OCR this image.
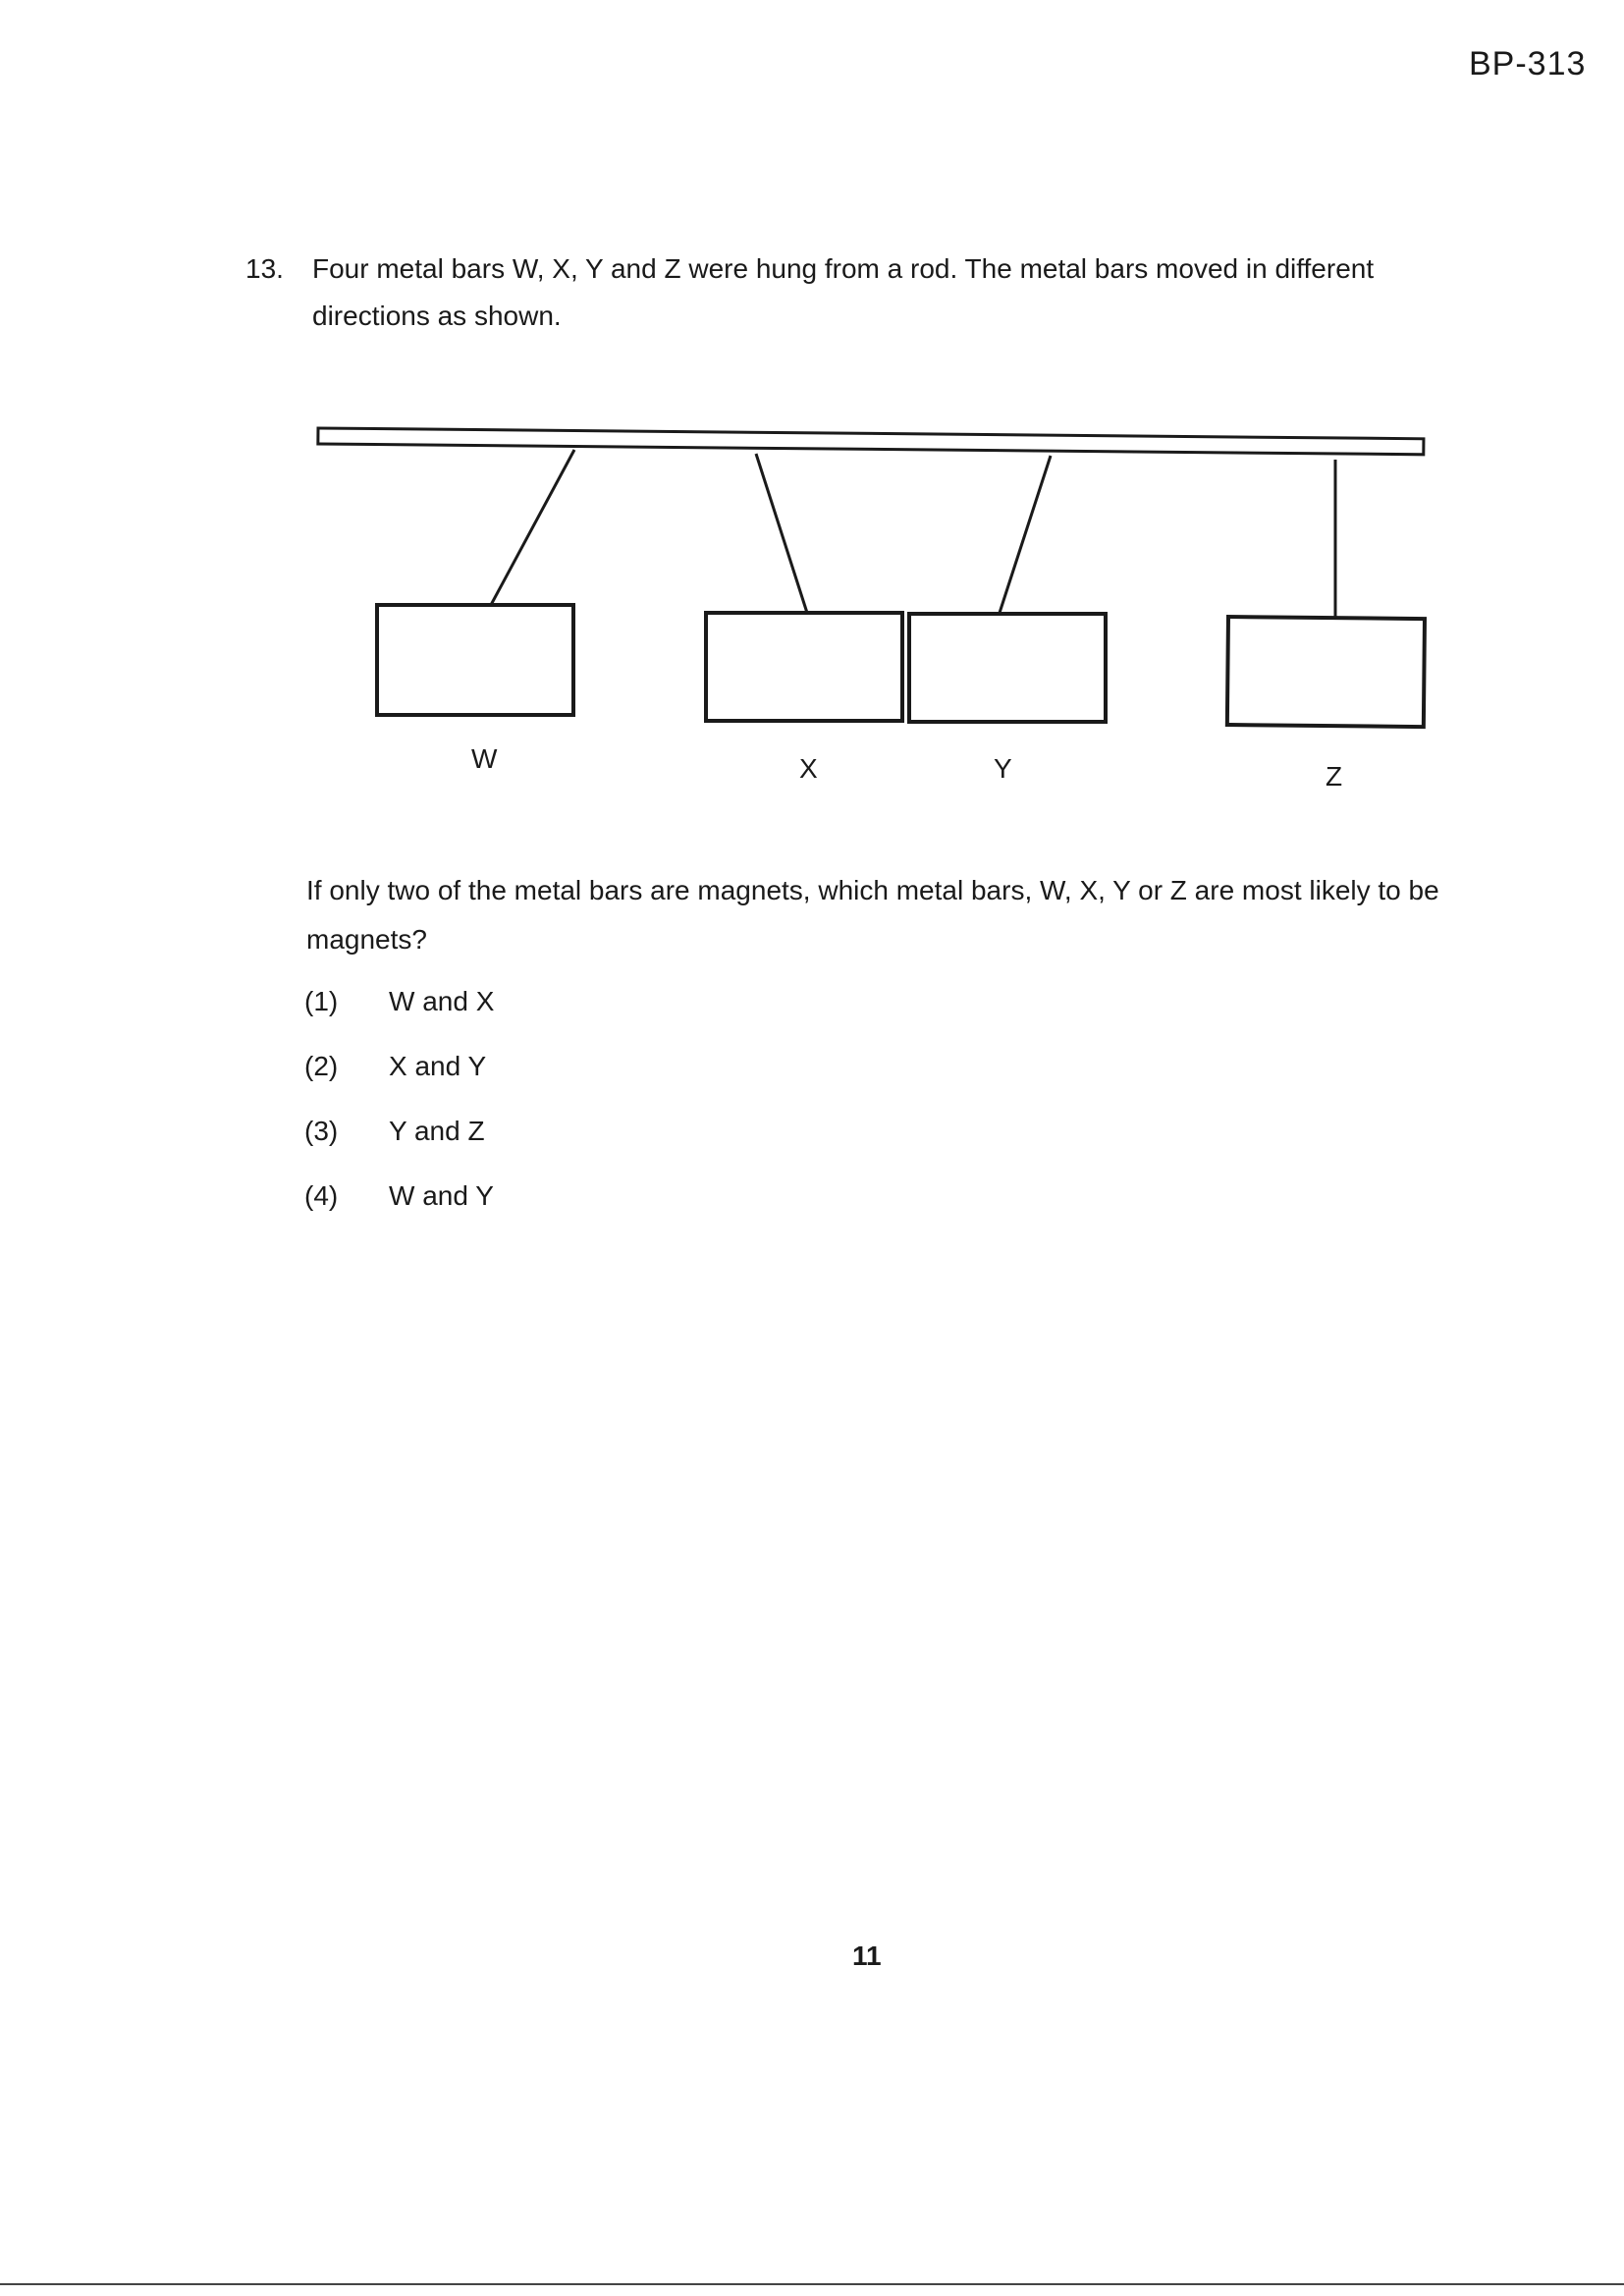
BP-313
13. Four metal bars W, X, Y and Z were hung from a rod. The metal bars moved in different directions as shown.
W	X	Y	Z
If only two of the metal bars are magnets, which metal bars, W, X, Y or Z are most likely to be magnets?
(1) W and X
(2) X and Y
(3) Y and Z
(4) W and Y
11
